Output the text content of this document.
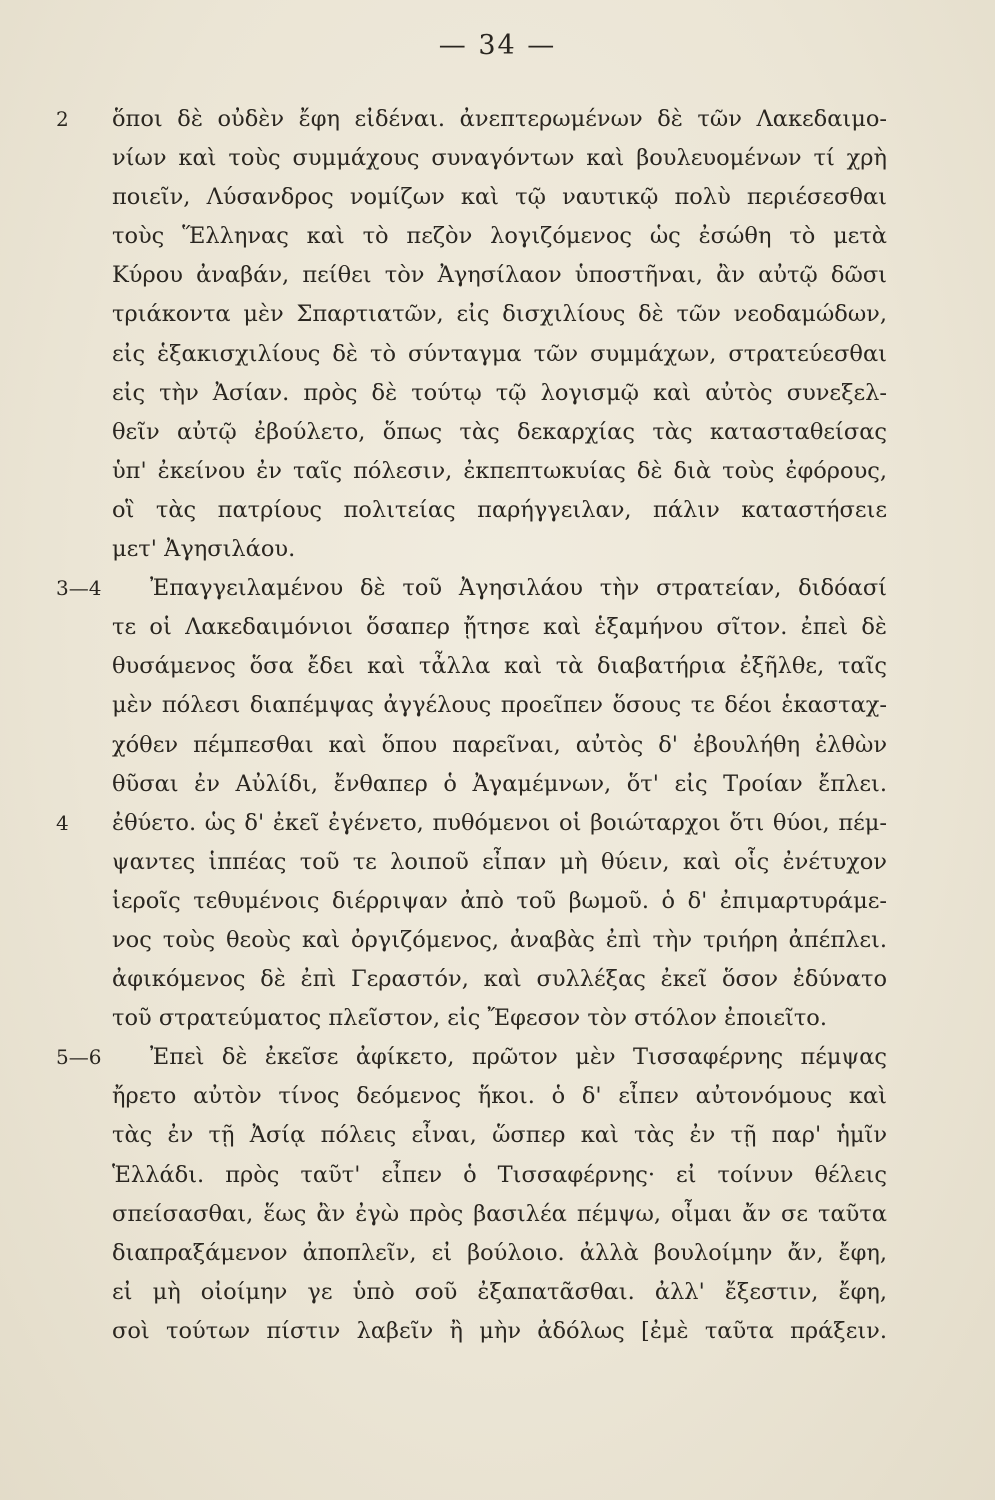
— 34 —
2
3—4
4
5—6
ὅποι δὲ οὐδὲν ἔφη εἰδέναι. ἀνεπτερωμένων δὲ τῶν Λακεδαιμο-
νίων καὶ τοὺς συμμάχους συναγόντων καὶ βουλευομένων τί χρὴ
ποιεῖν, Λύσανδρος νομίζων καὶ τῷ ναυτικῷ πολὺ περιέσεσθαι
τοὺς Ἕλληνας καὶ τὸ πεζὸν λογιζόμενος ὡς ἐσώθη τὸ μετὰ
Κύρου ἀναβάν, πείθει τὸν Ἀγησίλαον ὑποστῆναι, ἂν αὐτῷ δῶσι
τριάκοντα μὲν Σπαρτιατῶν, εἰς δισχιλίους δὲ τῶν νεοδαμώδων,
εἰς ἑξακισχιλίους δὲ τὸ σύνταγμα τῶν συμμάχων, στρατεύεσθαι
εἰς τὴν Ἀσίαν. πρὸς δὲ τούτῳ τῷ λογισμῷ καὶ αὐτὸς συνεξελ-
θεῖν αὐτῷ ἐβούλετο, ὅπως τὰς δεκαρχίας τὰς κατασταθείσας
ὑπ' ἐκείνου ἐν ταῖς πόλεσιν, ἐκπεπτωκυίας δὲ διὰ τοὺς ἐφόρους,
οἳ τὰς πατρίους πολιτείας παρήγγειλαν, πάλιν καταστήσειε
μετ' Ἀγησιλάου.
Ἐπαγγειλαμένου δὲ τοῦ Ἀγησιλάου τὴν στρατείαν, διδόασί
τε οἱ Λακεδαιμόνιοι ὅσαπερ ᾔτησε καὶ ἑξαμήνου σῖτον. ἐπεὶ δὲ
θυσάμενος ὅσα ἔδει καὶ τἆλλα καὶ τὰ διαβατήρια ἐξῆλθε, ταῖς
μὲν πόλεσι διαπέμψας ἀγγέλους προεῖπεν ὅσους τε δέοι ἑκασταχ-
χόθεν πέμπεσθαι καὶ ὅπου παρεῖναι, αὐτὸς δ' ἐβουλήθη ἐλθὼν
θῦσαι ἐν Αὐλίδι, ἔνθαπερ ὁ Ἀγαμέμνων, ὅτ' εἰς Τροίαν ἔπλει.
ἐθύετο. ὡς δ' ἐκεῖ ἐγένετο, πυθόμενοι οἱ βοιώταρχοι ὅτι θύοι, πέμ-
ψαντες ἱππέας τοῦ τε λοιποῦ εἶπαν μὴ θύειν, καὶ οἷς ἐνέτυχον
ἱεροῖς τεθυμένοις διέρριψαν ἀπὸ τοῦ βωμοῦ. ὁ δ' ἐπιμαρτυράμε-
νος τοὺς θεοὺς καὶ ὀργιζόμενος, ἀναβὰς ἐπὶ τὴν τριήρη ἀπέπλει.
ἀφικόμενος δὲ ἐπὶ Γεραστόν, καὶ συλλέξας ἐκεῖ ὅσον ἐδύνατο
τοῦ στρατεύματος πλεῖστον, εἰς Ἔφεσον τὸν στόλον ἐποιεῖτο.
Ἐπεὶ δὲ ἐκεῖσε ἀφίκετο, πρῶτον μὲν Τισσαφέρνης πέμψας
ἤρετο αὐτὸν τίνος δεόμενος ἥκοι. ὁ δ' εἶπεν αὐτονόμους καὶ
τὰς ἐν τῇ Ἀσίᾳ πόλεις εἶναι, ὥσπερ καὶ τὰς ἐν τῇ παρ' ἡμῖν
Ἑλλάδι. πρὸς ταῦτ' εἶπεν ὁ Τισσαφέρνης· εἰ τοίνυν θέλεις
σπείσασθαι, ἕως ἂν ἐγὼ πρὸς βασιλέα πέμψω, οἶμαι ἄν σε ταῦτα
διαπραξάμενον ἀποπλεῖν, εἰ βούλοιο. ἀλλὰ βουλοίμην ἄν, ἔφη,
εἰ μὴ οἰοίμην γε ὑπὸ σοῦ ἐξαπατᾶσθαι. ἀλλ' ἔξεστιν, ἔφη,
σοὶ τούτων πίστιν λαβεῖν ἢ μὴν ἀδόλως [ἐμὲ ταῦτα πράξειν.
